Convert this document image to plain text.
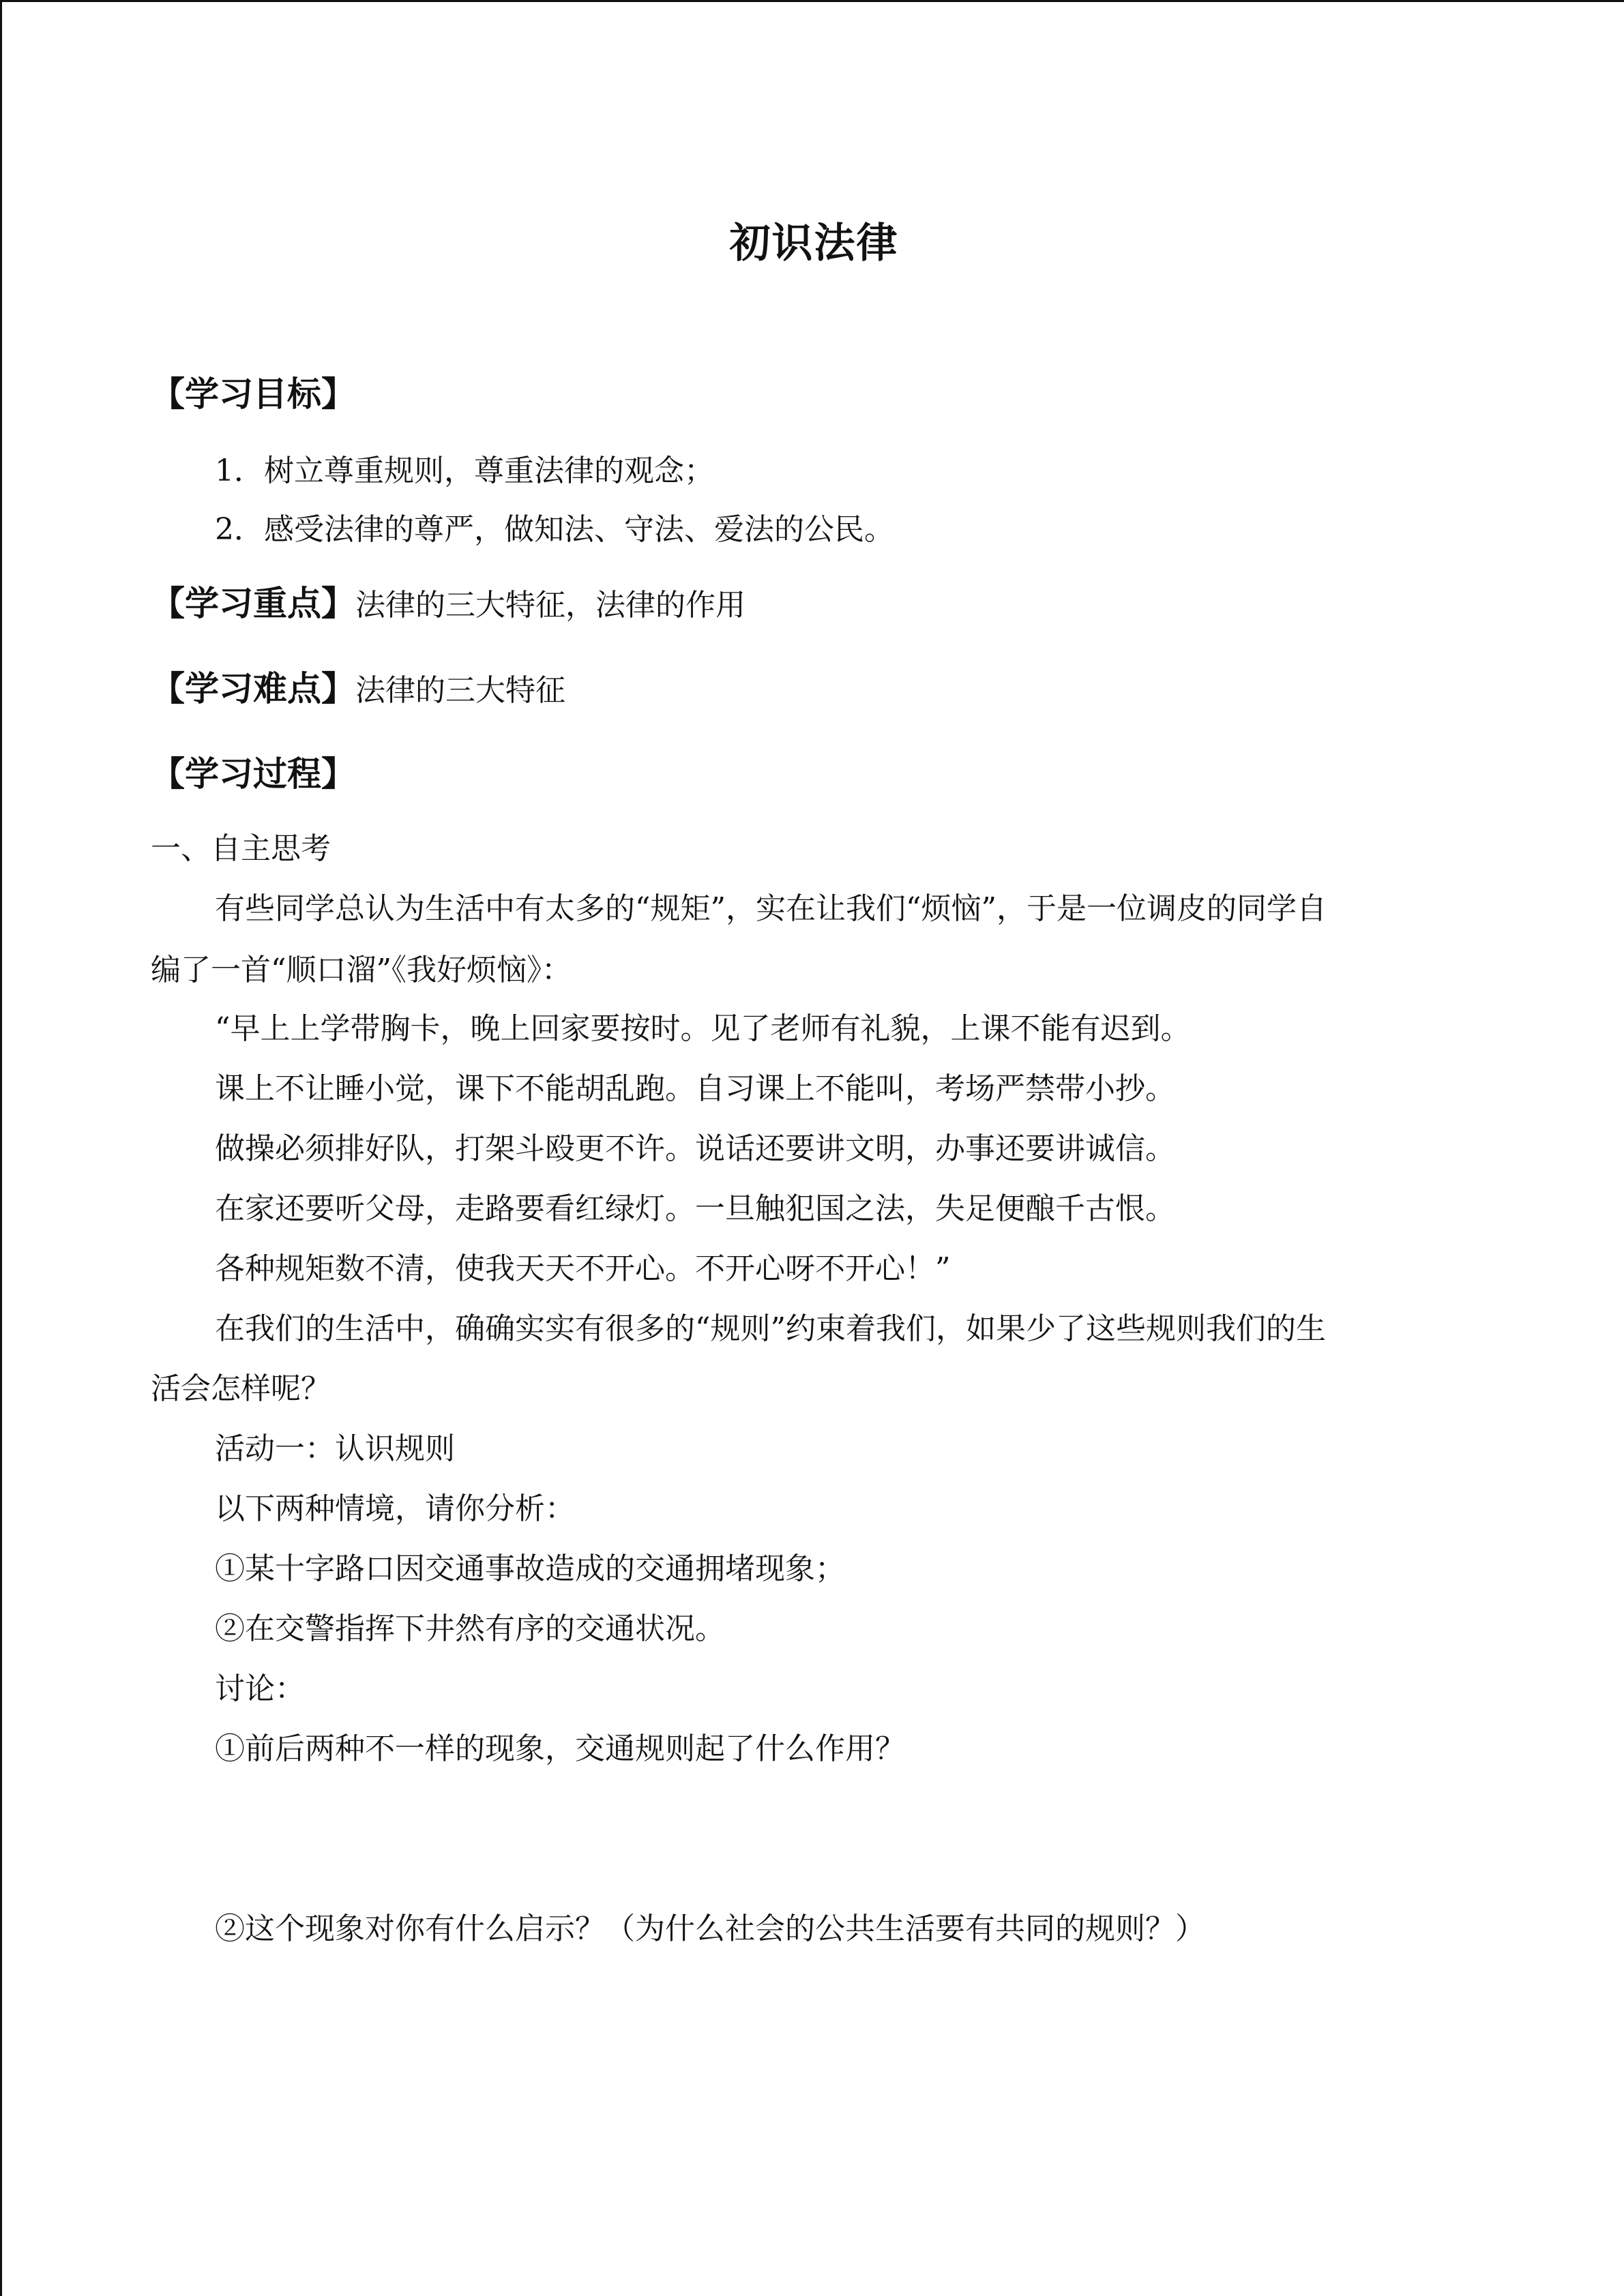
初识法律
【学习目标】
1．树立尊重规则，尊重法律的观念；
2．感受法律的尊严，做知法、守法、爱法的公民。
【学习重点】法律的三大特征，法律的作用
【学习难点】法律的三大特征
【学习过程】
一、自主思考
有些同学总认为生活中有太多的“规矩”，实在让我们“烦恼”，于是一位调皮的同学自
编了一首“顺口溜”《我好烦恼》：
“早上上学带胸卡，晚上回家要按时。见了老师有礼貌，上课不能有迟到。
课上不让睡小觉，课下不能胡乱跑。自习课上不能叫，考场严禁带小抄。
做操必须排好队，打架斗殴更不许。说话还要讲文明，办事还要讲诚信。
在家还要听父母，走路要看红绿灯。一旦触犯国之法，失足便酿千古恨。
各种规矩数不清，使我天天不开心。不开心呀不开心！”
在我们的生活中，确确实实有很多的“规则”约束着我们，如果少了这些规则我们的生
活会怎样呢？
活动一：认识规则
以下两种情境，请你分析：
①某十字路口因交通事故造成的交通拥堵现象；
②在交警指挥下井然有序的交通状况。
讨论：
①前后两种不一样的现象，交通规则起了什么作用？
②这个现象对你有什么启示？（为什么社会的公共生活要有共同的规则？）
